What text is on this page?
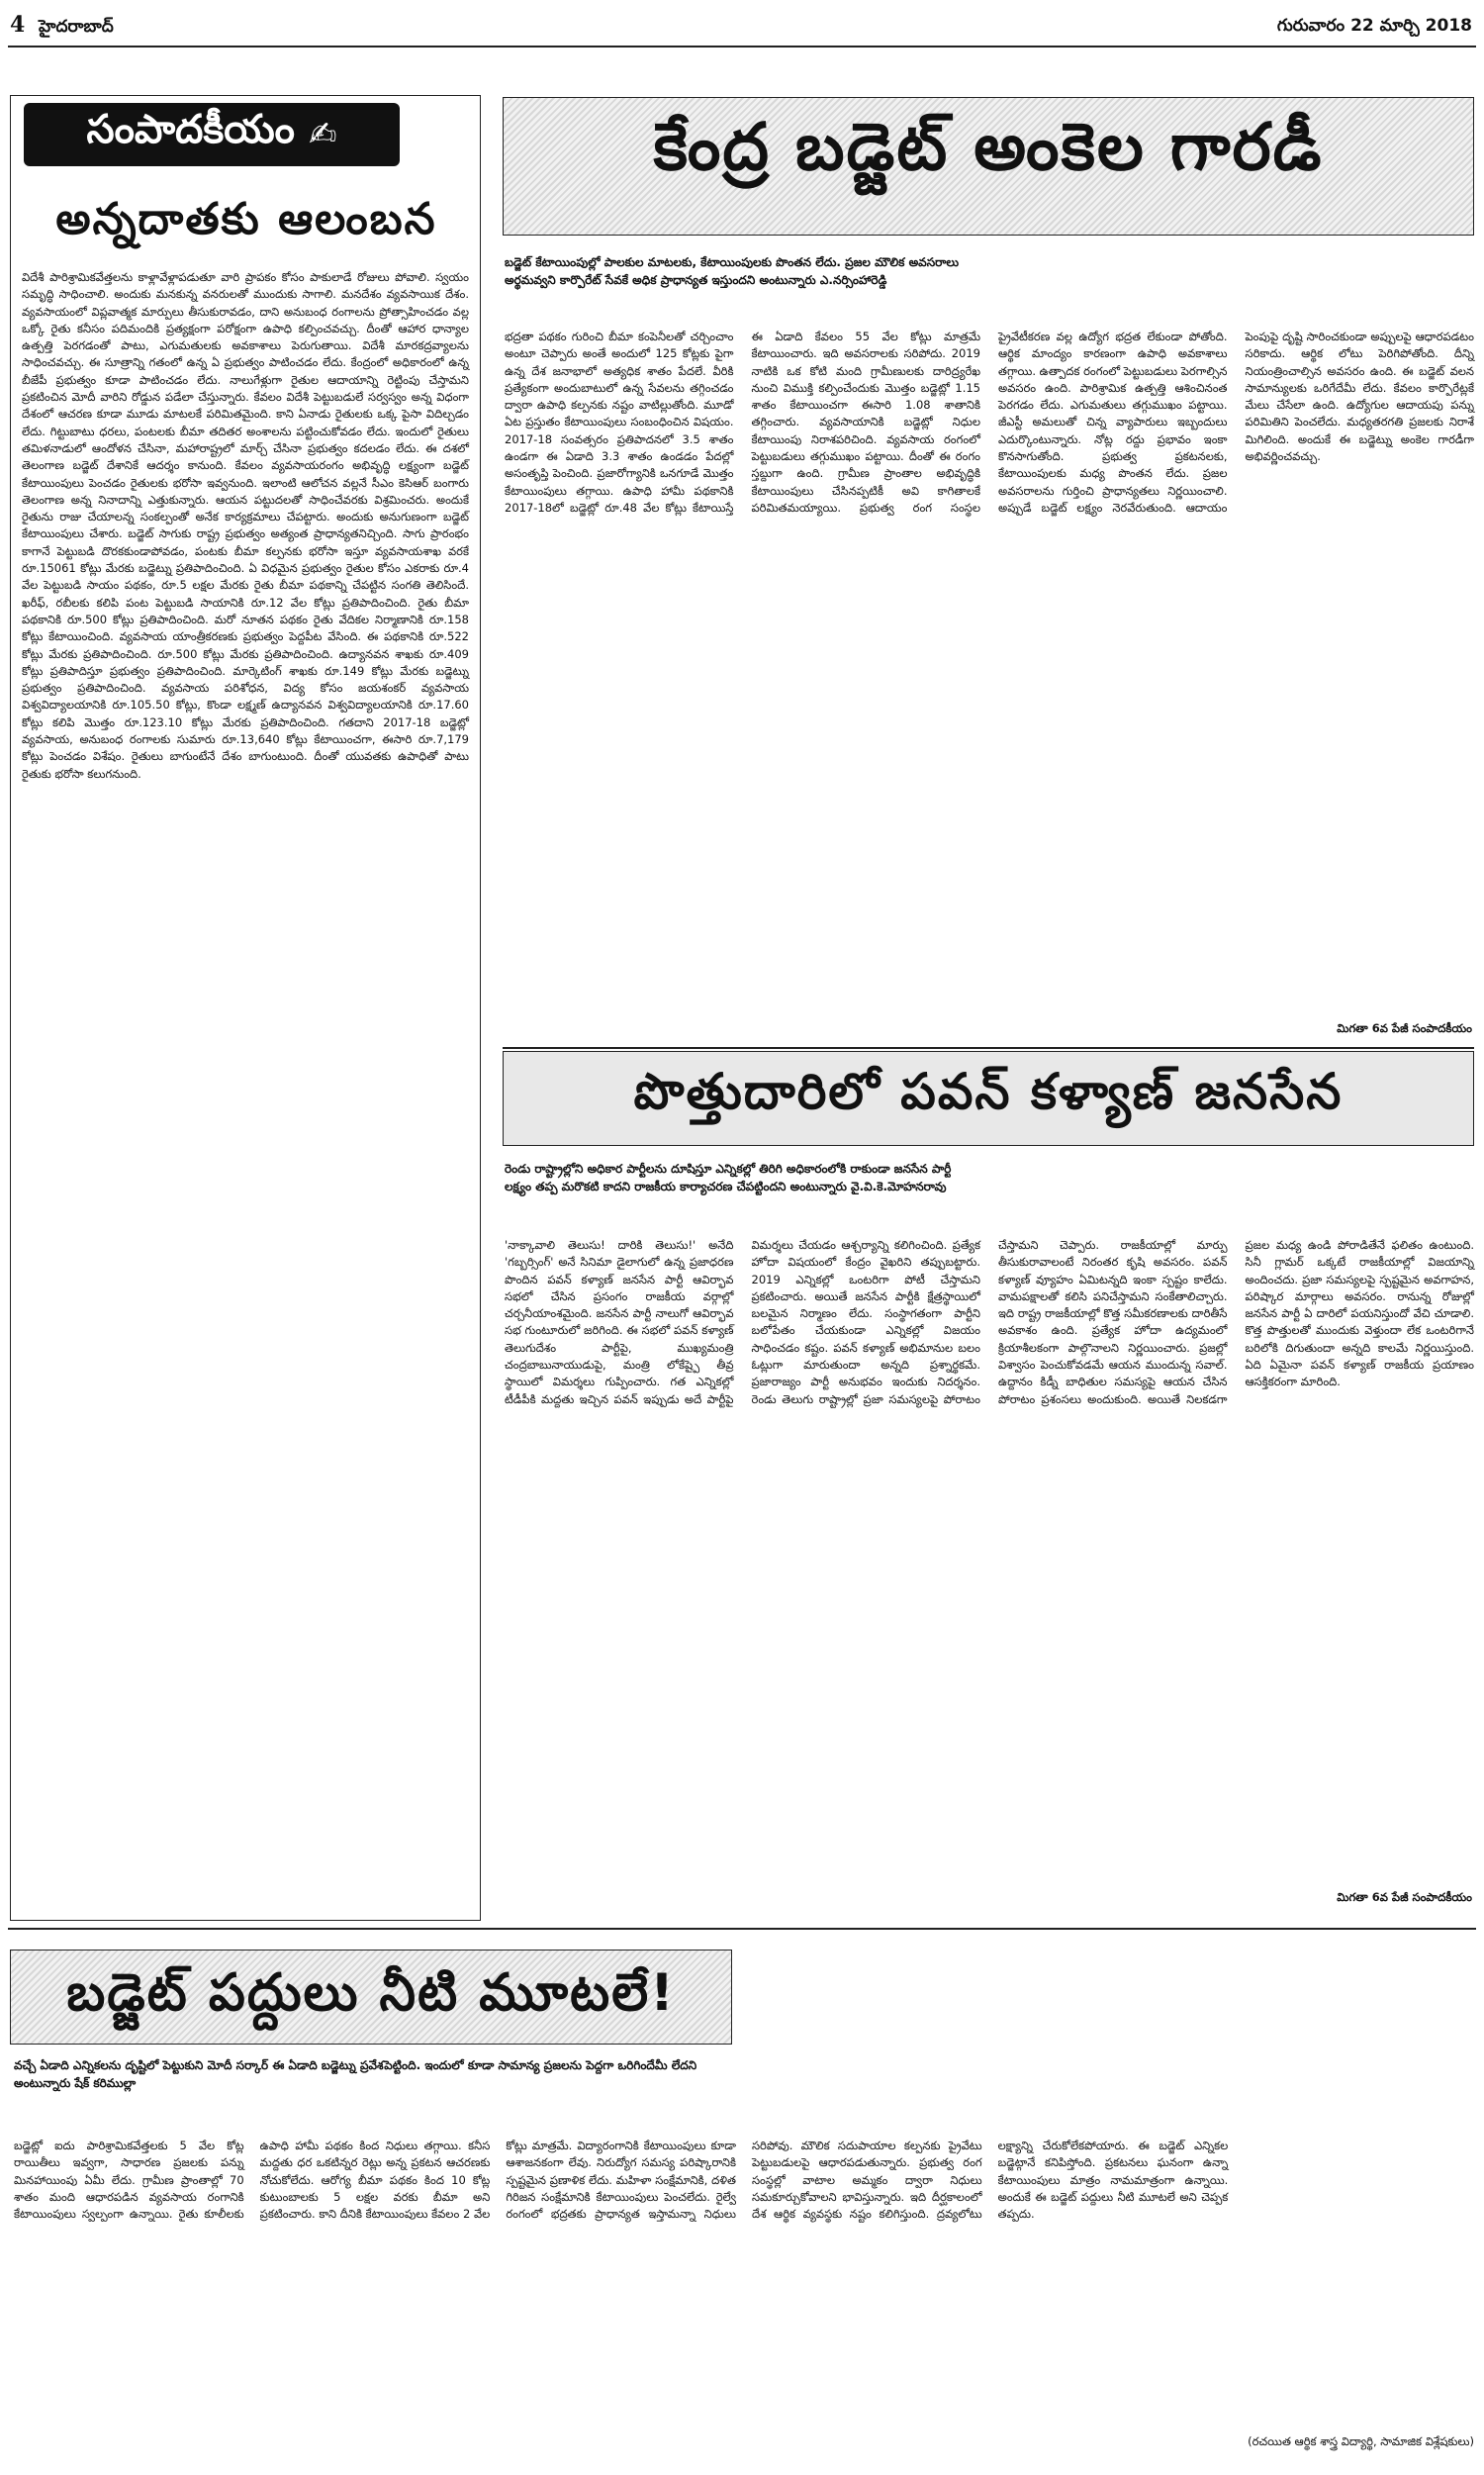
4 హైదరాబాద్	గురువారం 22 మార్చి 2018
సంపాదకీయం ✍
అన్నదాతకు ఆలంబన
విదేశీ పారిశ్రామికవేత్తలను కాళ్లావేళ్లాపడుతూ వారి ప్రాపకం కోసం పాకులాడే రోజులు పోవాలి. స్వయం సమృద్ధి సాధించాలి. అందుకు మనకున్న వనరులతో ముందుకు సాగాలి. మనదేశం వ్యవసాయిక దేశం. వ్యవసాయంలో విప్లవాత్మక మార్పులు తీసుకురావడం, దాని అనుబంధ రంగాలను ప్రోత్సాహించడం వల్ల ఒక్కో రైతు కనీసం పదిమందికి ప్రత్యక్షంగా పరోక్షంగా ఉపాధి కల్పించవచ్చు. దీంతో ఆహార ధాన్యాల ఉత్పత్తి పెరగడంతో పాటు, ఎగుమతులకు అవకాశాలు పెరుగుతాయి. విదేశీ మారకద్రవ్యాలను సాధించవచ్చు. ఈ సూత్రాన్ని గతంలో ఉన్న ఏ ప్రభుత్వం పాటించడం లేదు. కేంద్రంలో అధికారంలో ఉన్న బీజేపీ ప్రభుత్వం కూడా పాటించడం లేదు. నాలుగేళ్లుగా రైతుల ఆదాయాన్ని రెట్టింపు చేస్తామని ప్రకటించిన మోదీ వారిని రోడ్డున పడేలా చేస్తున్నారు. కేవలం విదేశీ పెట్టుబడులే సర్వస్వం అన్న విధంగా దేశంలో ఆచరణ కూడా మూడు మాటలకే పరిమితమైంది. కాని ఏనాడు రైతులకు ఒక్క పైసా విదిల్చడం లేదు. గిట్టుబాటు ధరలు, పంటలకు బీమా తదితర అంశాలను పట్టించుకోవడం లేదు. ఇందులో రైతులు తమిళనాడులో ఆందోళన చేసినా, మహారాష్ట్రలో మార్చ్ చేసినా ప్రభుత్వం కదలడం లేదు. ఈ దశలో తెలంగాణ బడ్జెట్ దేశానికే ఆదర్శం కానుంది. కేవలం వ్యవసాయరంగం అభివృద్ధి లక్ష్యంగా బడ్జెట్ కేటాయింపులు పెంచడం రైతులకు భరోసా ఇవ్వనుంది. ఇలాంటి ఆలోచన వల్లనే సీఎం కెసిఆర్ బంగారు తెలంగాణ అన్న నినాదాన్ని ఎత్తుకున్నారు. ఆయన పట్టుదలతో సాధించేవరకు విశ్రమించరు. అందుకే రైతును రాజు చేయాలన్న సంకల్పంతో అనేక కార్యక్రమాలు చేపట్టారు. అందుకు అనుగుణంగా బడ్జెట్ కేటాయింపులు చేశారు. బడ్జెట్ సాగుకు రాష్ట్ర ప్రభుత్వం అత్యంత ప్రాధాన్యతనిచ్చింది. సాగు ప్రారంభం కాగానే పెట్టుబడి దొరకకుండాపోవడం, పంటకు బీమా కల్పనకు భరోసా ఇస్తూ వ్యవసాయశాఖ వరకే రూ.15061 కోట్లు మేరకు బడ్జెట్ను ప్రతిపాదించింది. ఏ విధమైన ప్రభుత్వం రైతుల కోసం ఎకరాకు రూ.4 వేల పెట్టుబడి సాయం పథకం, రూ.5 లక్షల మేరకు రైతు బీమా పథకాన్ని చేపట్టిన సంగతి తెలిసిందే. ఖరీఫ్, రబీలకు కలిపి పంట పెట్టుబడి సాయానికి రూ.12 వేల కోట్లు ప్రతిపాదించింది. రైతు బీమా పథకానికి రూ.500 కోట్లు ప్రతిపాదించింది. మరో నూతన పథకం రైతు వేదికల నిర్మాణానికి రూ.158 కోట్లు కేటాయించింది. వ్యవసాయ యాంత్రీకరణకు ప్రభుత్వం పెద్దపీట వేసింది. ఈ పథకానికి రూ.522 కోట్లు మేరకు ప్రతిపాదించింది. రూ.500 కోట్లు మేరకు ప్రతిపాదించింది. ఉద్యానవన శాఖకు రూ.409 కోట్లు ప్రతిపాదిస్తూ ప్రభుత్వం ప్రతిపాదించింది. మార్కెటింగ్ శాఖకు రూ.149 కోట్లు మేరకు బడ్జెట్ను ప్రభుత్వం ప్రతిపాదించింది. వ్యవసాయ పరిశోధన, విద్య కోసం జయశంకర్ వ్యవసాయ విశ్వవిద్యాలయానికి రూ.105.50 కోట్లు, కొండా లక్ష్మణ్ ఉద్యానవన విశ్వవిద్యాలయానికి రూ.17.60 కోట్లు కలిపి మొత్తం రూ.123.10 కోట్లు మేరకు ప్రతిపాదించింది. గతదాని 2017-18 బడ్జెట్లో వ్యవసాయ, అనుబంధ రంగాలకు సుమారు రూ.13,640 కోట్లు కేటాయించగా, ఈసారి రూ.7,179 కోట్లు పెంచడం విశేషం. రైతులు బాగుంటేనే దేశం బాగుంటుంది. దీంతో యువతకు ఉపాధితో పాటు రైతుకు భరోసా కలుగనుంది.
కేంద్ర బడ్జెట్ అంకెల గారడీ
బడ్జెట్ కేటాయింపుల్లో పాలకుల మాటలకు, కేటాయింపులకు పొంతన లేదు. ప్రజల మౌలిక అవసరాలు అర్థమవ్వని కార్పొరేట్ సేవకే అధిక ప్రాధాన్యత ఇస్తుందని అంటున్నారు ఎ.నర్సింహారెడ్డి
భద్రతా పథకం గురించి బీమా కంపెనీలతో చర్చించాం అంటూ చెప్పారు అంతే అందులో 125 కోట్లకు పైగా ఉన్న దేశ జనాభాలో అత్యధిక శాతం పేదలే. వీరికి ప్రత్యేకంగా అందుబాటులో ఉన్న సేవలను తగ్గించడం ద్వారా ఉపాధి కల్పనకు నష్టం వాటిల్లుతోంది. మూడో ఏట ప్రస్తుతం కేటాయింపులు సంబంధించిన విషయం. 2017-18 సంవత్సరం ప్రతిపాదనలో 3.5 శాతం ఉండగా ఈ ఏడాది 3.3 శాతం ఉండడం పేదల్లో అసంతృప్తి పెంచింది. ప్రజారోగ్యానికి ఒనగూడే మొత్తం కేటాయింపులు తగ్గాయి. ఉపాధి హామీ పథకానికి 2017-18లో బడ్జెట్లో రూ.48 వేల కోట్లు కేటాయిస్తే ఈ ఏడాది కేవలం 55 వేల కోట్లు మాత్రమే కేటాయించారు. ఇది అవసరాలకు సరిపోదు. 2019 నాటికి ఒక కోటి మంది గ్రామీణులకు దారిద్ర్యరేఖ నుంచి విముక్తి కల్పించేందుకు మొత్తం బడ్జెట్లో 1.15 శాతం కేటాయించగా ఈసారి 1.08 శాతానికి తగ్గించారు. వ్యవసాయానికి బడ్జెట్లో నిధుల కేటాయింపు నిరాశపరిచింది. వ్యవసాయ రంగంలో పెట్టుబడులు తగ్గుముఖం పట్టాయి. దీంతో ఈ రంగం స్తబ్దుగా ఉంది. గ్రామీణ ప్రాంతాల అభివృద్ధికి కేటాయింపులు చేసినప్పటికీ అవి కాగితాలకే పరిమితమయ్యాయి. ప్రభుత్వ రంగ సంస్థల ప్రైవేటీకరణ వల్ల ఉద్యోగ భద్రత లేకుండా పోతోంది. ఆర్థిక మాంద్యం కారణంగా ఉపాధి అవకాశాలు తగ్గాయి. ఉత్పాదక రంగంలో పెట్టుబడులు పెరగాల్సిన అవసరం ఉంది. పారిశ్రామిక ఉత్పత్తి ఆశించినంత పెరగడం లేదు. ఎగుమతులు తగ్గుముఖం పట్టాయి. జీఎస్టీ అమలుతో చిన్న వ్యాపారులు ఇబ్బందులు ఎదుర్కొంటున్నారు. నోట్ల రద్దు ప్రభావం ఇంకా కొనసాగుతోంది. ప్రభుత్వ ప్రకటనలకు, కేటాయింపులకు మధ్య పొంతన లేదు. ప్రజల అవసరాలను గుర్తించి ప్రాధాన్యతలు నిర్ణయించాలి. అప్పుడే బడ్జెట్ లక్ష్యం నెరవేరుతుంది. ఆదాయం పెంపుపై దృష్టి సారించకుండా అప్పులపై ఆధారపడటం సరికాదు. ఆర్థిక లోటు పెరిగిపోతోంది. దీన్ని నియంత్రించాల్సిన అవసరం ఉంది. ఈ బడ్జెట్ వలన సామాన్యులకు ఒరిగేదేమీ లేదు. కేవలం కార్పొరేట్లకే మేలు చేసేలా ఉంది. ఉద్యోగుల ఆదాయపు పన్ను పరిమితిని పెంచలేదు. మధ్యతరగతి ప్రజలకు నిరాశే మిగిలింది. అందుకే ఈ బడ్జెట్ను అంకెల గారడీగా అభివర్ణించవచ్చు.
మిగతా 6వ పేజీ సంపాదకీయం
పొత్తుదారిలో పవన్ కళ్యాణ్ జనసేన
రెండు రాష్ట్రాల్లోని అధికార పార్టీలను దూషిస్తూ ఎన్నికల్లో తిరిగి అధికారంలోకి రాకుండా జనసేన పార్టీ లక్ష్యం తప్ప మరొకటి కాదని రాజకీయ కార్యాచరణ చేపట్టిందని అంటున్నారు వై.వి.కె.మోహనరావు
'నాక్కావాలి తెలుసు! దారికి తెలుసు!' అనేది 'గబ్బర్సింగ్' అనే సినిమా డైలాగులో ఉన్న ప్రజాధరణ పొందిన పవన్ కళ్యాణ్ జనసేన పార్టీ ఆవిర్భావ సభలో చేసిన ప్రసంగం రాజకీయ వర్గాల్లో చర్చనీయాంశమైంది. జనసేన పార్టీ నాలుగో ఆవిర్భావ సభ గుంటూరులో జరిగింది. ఈ సభలో పవన్ కళ్యాణ్ తెలుగుదేశం పార్టీపై, ముఖ్యమంత్రి చంద్రబాబునాయుడుపై, మంత్రి లోకేష్పై తీవ్ర స్థాయిలో విమర్శలు గుప్పించారు. గత ఎన్నికల్లో టీడీపీకి మద్దతు ఇచ్చిన పవన్ ఇప్పుడు అదే పార్టీపై విమర్శలు చేయడం ఆశ్చర్యాన్ని కలిగించింది. ప్రత్యేక హోదా విషయంలో కేంద్రం వైఖరిని తప్పుబట్టారు. 2019 ఎన్నికల్లో ఒంటరిగా పోటీ చేస్తామని ప్రకటించారు. అయితే జనసేన పార్టీకి క్షేత్రస్థాయిలో బలమైన నిర్మాణం లేదు. సంస్థాగతంగా పార్టీని బలోపేతం చేయకుండా ఎన్నికల్లో విజయం సాధించడం కష్టం. పవన్ కళ్యాణ్ అభిమానుల బలం ఓట్లుగా మారుతుందా అన్నది ప్రశ్నార్థకమే. ప్రజారాజ్యం పార్టీ అనుభవం ఇందుకు నిదర్శనం. రెండు తెలుగు రాష్ట్రాల్లో ప్రజా సమస్యలపై పోరాటం చేస్తామని చెప్పారు. రాజకీయాల్లో మార్పు తీసుకురావాలంటే నిరంతర కృషి అవసరం. పవన్ కళ్యాణ్ వ్యూహం ఏమిటన్నది ఇంకా స్పష్టం కాలేదు. వామపక్షాలతో కలిసి పనిచేస్తామని సంకేతాలిచ్చారు. ఇది రాష్ట్ర రాజకీయాల్లో కొత్త సమీకరణాలకు దారితీసే అవకాశం ఉంది. ప్రత్యేక హోదా ఉద్యమంలో క్రియాశీలకంగా పాల్గొనాలని నిర్ణయించారు. ప్రజల్లో విశ్వాసం పెంచుకోవడమే ఆయన ముందున్న సవాల్. ఉద్దానం కిడ్నీ బాధితుల సమస్యపై ఆయన చేసిన పోరాటం ప్రశంసలు అందుకుంది. అయితే నిలకడగా ప్రజల మధ్య ఉండి పోరాడితేనే ఫలితం ఉంటుంది. సినీ గ్లామర్ ఒక్కటే రాజకీయాల్లో విజయాన్ని అందించదు. ప్రజా సమస్యలపై స్పష్టమైన అవగాహన, పరిష్కార మార్గాలు అవసరం. రానున్న రోజుల్లో జనసేన పార్టీ ఏ దారిలో పయనిస్తుందో వేచి చూడాలి. కొత్త పొత్తులతో ముందుకు వెళ్తుందా లేక ఒంటరిగానే బరిలోకి దిగుతుందా అన్నది కాలమే నిర్ణయిస్తుంది. ఏది ఏమైనా పవన్ కళ్యాణ్ రాజకీయ ప్రయాణం ఆసక్తికరంగా మారింది.
మిగతా 6వ పేజీ సంపాదకీయం
బడ్జెట్ పద్దులు నీటి మూటలే!
వచ్చే ఏడాది ఎన్నికలను దృష్టిలో పెట్టుకుని మోదీ సర్కార్ ఈ ఏడాది బడ్జెట్ను ప్రవేశపెట్టింది. ఇందులో కూడా సామాన్య ప్రజలను పెద్దగా ఒరిగిందేమీ లేదని అంటున్నారు షేక్ కరిముల్లా
బడ్జెట్లో ఐదు పారిశ్రామికవేత్తలకు 5 వేల కోట్ల రాయితీలు ఇవ్వగా, సాధారణ ప్రజలకు పన్ను మినహాయింపు ఏమీ లేదు. గ్రామీణ ప్రాంతాల్లో 70 శాతం మంది ఆధారపడిన వ్యవసాయ రంగానికి కేటాయింపులు స్వల్పంగా ఉన్నాయి. రైతు కూలీలకు ఉపాధి హామీ పథకం కింద నిధులు తగ్గాయి. కనీస మద్దతు ధర ఒకటిన్నర రెట్లు అన్న ప్రకటన ఆచరణకు నోచుకోలేదు. ఆరోగ్య బీమా పథకం కింద 10 కోట్ల కుటుంబాలకు 5 లక్షల వరకు బీమా అని ప్రకటించారు. కాని దీనికి కేటాయింపులు కేవలం 2 వేల కోట్లు మాత్రమే. విద్యారంగానికి కేటాయింపులు కూడా ఆశాజనకంగా లేవు. నిరుద్యోగ సమస్య పరిష్కారానికి స్పష్టమైన ప్రణాళిక లేదు. మహిళా సంక్షేమానికి, దళిత గిరిజన సంక్షేమానికి కేటాయింపులు పెంచలేదు. రైల్వే రంగంలో భద్రతకు ప్రాధాన్యత ఇస్తామన్నా నిధులు సరిపోవు. మౌలిక సదుపాయాల కల్పనకు ప్రైవేటు పెట్టుబడులపై ఆధారపడుతున్నారు. ప్రభుత్వ రంగ సంస్థల్లో వాటాల అమ్మకం ద్వారా నిధులు సమకూర్చుకోవాలని భావిస్తున్నారు. ఇది దీర్ఘకాలంలో దేశ ఆర్థిక వ్యవస్థకు నష్టం కలిగిస్తుంది. ద్రవ్యలోటు లక్ష్యాన్ని చేరుకోలేకపోయారు. ఈ బడ్జెట్ ఎన్నికల బడ్జెట్గానే కనిపిస్తోంది. ప్రకటనలు ఘనంగా ఉన్నా కేటాయింపులు మాత్రం నామమాత్రంగా ఉన్నాయి. అందుకే ఈ బడ్జెట్ పద్దులు నీటి మూటలే అని చెప్పక తప్పదు.
(రచయిత ఆర్థిక శాస్త్ర విద్యార్థి, సామాజిక విశ్లేషకులు)
